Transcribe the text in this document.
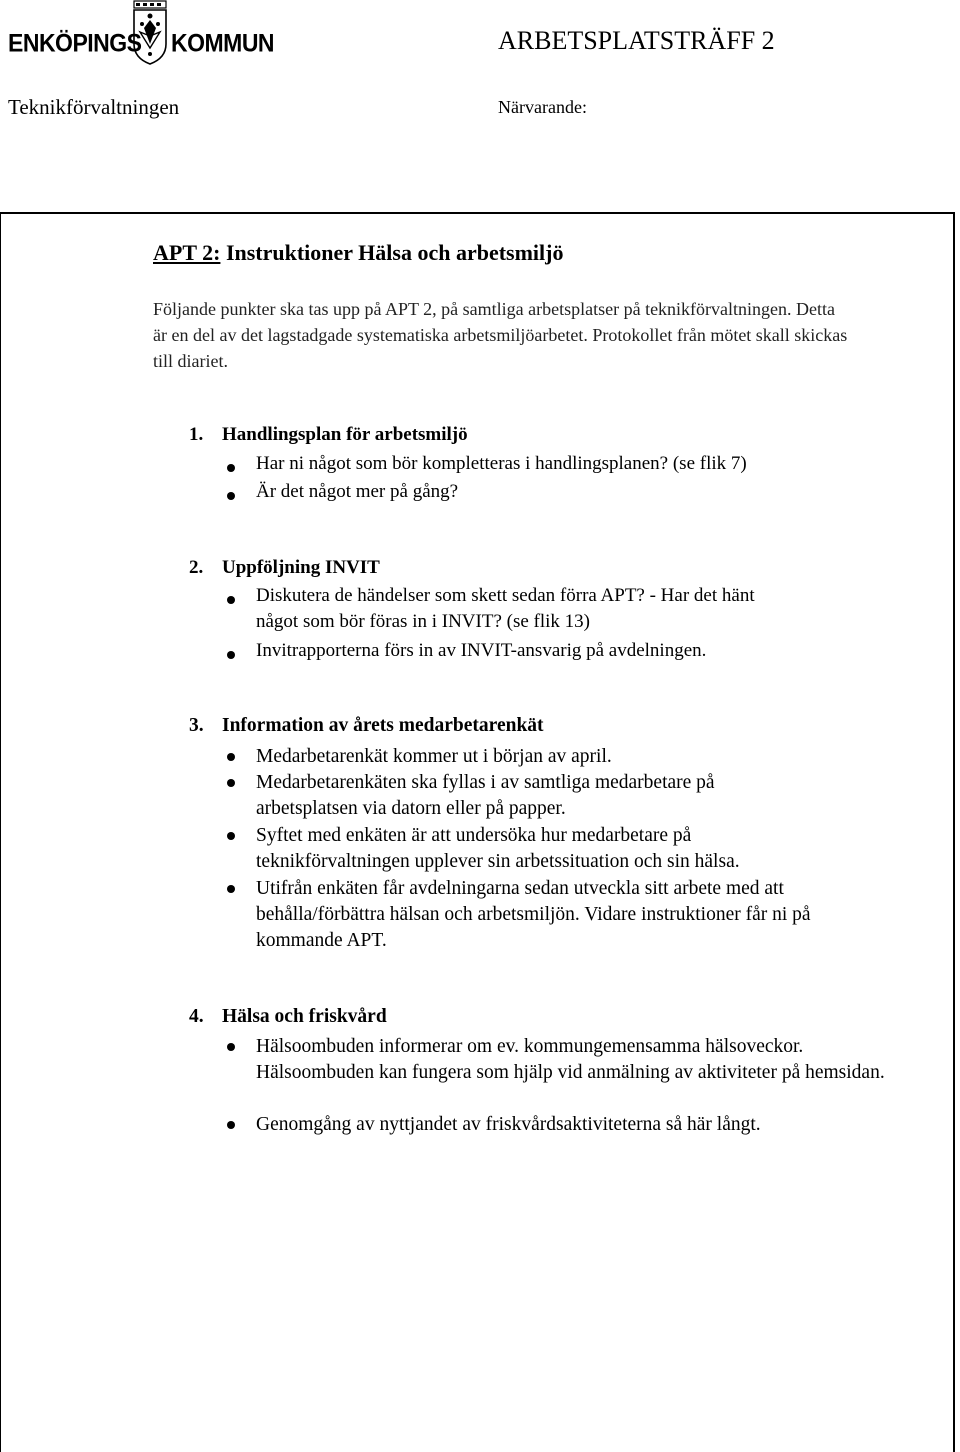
ENKÖPINGS KOMMUN	ARBETSPLATSTRÄFF 2
Teknikförvaltningen	Närvarande:
APT 2: Instruktioner Hälsa och arbetsmiljö
Följande punkter ska tas upp på APT 2, på samtliga arbetsplatser på teknikförvaltningen. Detta är en del av det lagstadgade systematiska arbetsmiljöarbetet. Protokollet från mötet skall skickas till diariet.
1. Handlingsplan för arbetsmiljö
Har ni något som bör kompletteras i handlingsplanen? (se flik 7)
Är det något mer på gång?
2. Uppföljning INVIT
Diskutera de händelser som skett sedan förra APT? - Har det hänt
något som bör föras in i INVIT? (se flik 13)
Invitrapporterna förs in av INVIT-ansvarig på avdelningen.
3. Information av årets medarbetarenkät
Medarbetarenkät kommer ut i början av april.
Medarbetarenkäten ska fyllas i av samtliga medarbetare på arbetsplatsen via datorn eller på papper.
Syftet med enkäten är att undersöka hur medarbetare på teknikförvaltningen upplever sin arbetssituation och sin hälsa.
Utifrån enkäten får avdelningarna sedan utveckla sitt arbete med att behålla/förbättra hälsan och arbetsmiljön. Vidare instruktioner får ni på kommande APT.
4. Hälsa och friskvård
Hälsoombuden informerar om ev. kommungemensamma hälsoveckor. Hälsoombuden kan fungera som hjälp vid anmälning av aktiviteter på hemsidan.
Genomgång av nyttjandet av friskvårdsaktiviteterna så här långt.
